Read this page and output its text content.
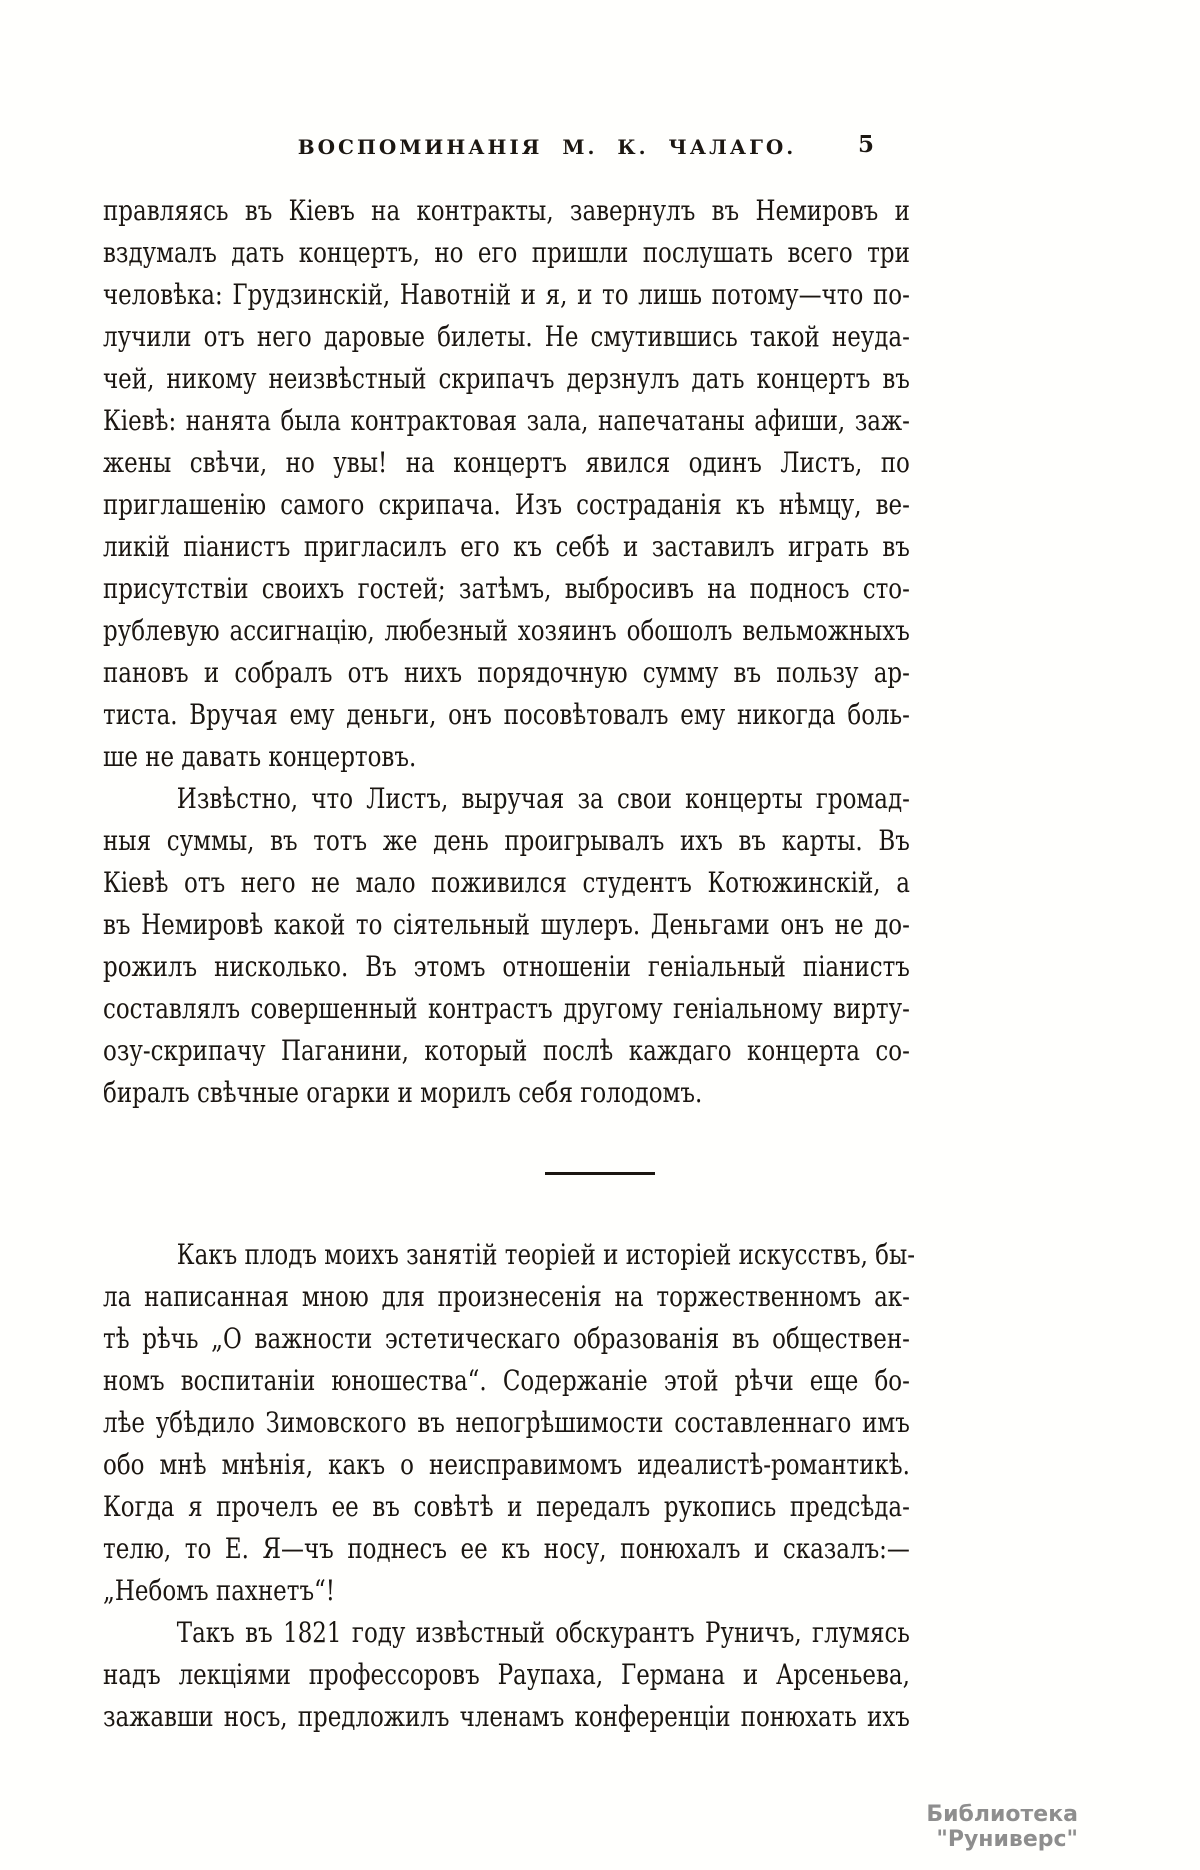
ВОСПОМИНАНІЯ М. К. ЧАЛАГО.	5
правляясь въ Кіевъ на контракты, завернулъ въ Немировъ и
вздумалъ дать концертъ, но его пришли послушать всего три
человѣка: Грудзинскій, Навотній и я, и то лишь потому—что по-
лучили отъ него даровые билеты. Не смутившись такой неуда-
чей, никому неизвѣстный скрипачъ дерзнулъ дать концертъ въ
Кіевѣ: нанята была контрактовая зала, напечатаны афиши, заж-
жены свѣчи, но увы! на концертъ явился одинъ Листъ, по
приглашенію самого скрипача. Изъ состраданія къ нѣмцу, ве-
ликій піанистъ пригласилъ его къ себѣ и заставилъ играть въ
присутствіи своихъ гостей; затѣмъ, выбросивъ на подносъ сто-
рублевую ассигнацію, любезный хозяинъ обошолъ вельможныхъ
пановъ и собралъ отъ нихъ порядочную сумму въ пользу ар-
тиста. Вручая ему деньги, онъ посовѣтовалъ ему никогда боль-
ше не давать концертовъ.
Извѣстно, что Листъ, выручая за свои концерты громад-
ныя суммы, въ тотъ же день проигрывалъ ихъ въ карты. Въ
Кіевѣ отъ него не мало поживился студентъ Котюжинскій, а
въ Немировѣ какой то сіятельный шулеръ. Деньгами онъ не до-
рожилъ нисколько. Въ этомъ отношеніи геніальный піанистъ
составлялъ совершенный контрастъ другому геніальному вирту-
озу-скрипачу Паганини, который послѣ каждаго концерта со-
биралъ свѣчные огарки и морилъ себя голодомъ.
Какъ плодъ моихъ занятій теоріей и исторіей искусствъ, бы-
ла написанная мною для произнесенія на торжественномъ ак-
тѣ рѣчь „О важности эстетическаго образованія въ обществен-
номъ воспитаніи юношества“. Содержаніе этой рѣчи еще бо-
лѣе убѣдило Зимовского въ непогрѣшимости составленнаго имъ
обо мнѣ мнѣнія, какъ о неисправимомъ идеалистѣ-романтикѣ.
Когда я прочелъ ее въ совѣтѣ и передалъ рукопись предсѣда-
телю, то Е. Я—чъ поднесъ ее къ носу, понюхалъ и сказалъ:—
„Небомъ пахнетъ“!
Такъ въ 1821 году извѣстный обскурантъ Руничъ, глумясь
надъ лекціями профессоровъ Раупаха, Германа и Арсеньева,
зажавши носъ, предложилъ членамъ конференціи понюхать ихъ
Библиотека "Руниверс"
